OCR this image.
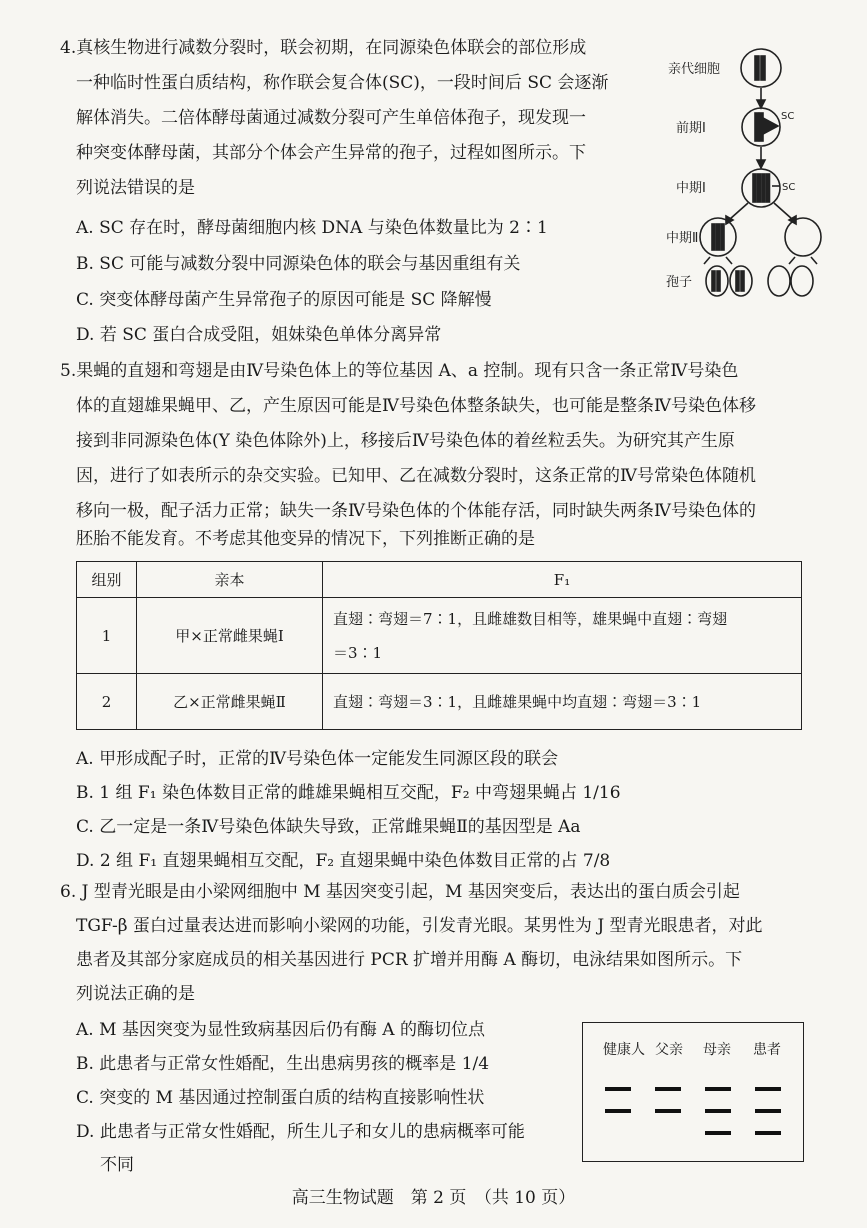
4.真核生物进行减数分裂时，联会初期，在同源染色体联会的部位形成
一种临时性蛋白质结构，称作联会复合体(SC)，一段时间后 SC 会逐渐
解体消失。二倍体酵母菌通过减数分裂可产生单倍体孢子，现发现一
种突变体酵母菌，其部分个体会产生异常的孢子，过程如图所示。下
列说法错误的是
A. SC 存在时，酵母菌细胞内核 DNA 与染色体数量比为 2∶1
B. SC 可能与减数分裂中同源染色体的联会与基因重组有关
C. 突变体酵母菌产生异常孢子的原因可能是 SC 降解慢
D. 若 SC 蛋白合成受阻，姐妹染色单体分离异常
亲代细胞
前期Ⅰ
中期Ⅰ
中期Ⅱ
孢子
SC
SC
5.果蝇的直翅和弯翅是由Ⅳ号染色体上的等位基因 A、a 控制。现有只含一条正常Ⅳ号染色
体的直翅雄果蝇甲、乙，产生原因可能是Ⅳ号染色体整条缺失，也可能是整条Ⅳ号染色体移
接到非同源染色体(Y 染色体除外)上，移接后Ⅳ号染色体的着丝粒丢失。为研究其产生原
因，进行了如表所示的杂交实验。已知甲、乙在减数分裂时，这条正常的Ⅳ号常染色体随机
移向一极，配子活力正常；缺失一条Ⅳ号染色体的个体能存活，同时缺失两条Ⅳ号染色体的
胚胎不能发育。不考虑其他变异的情况下，下列推断正确的是
组别	亲本	F₁
1	甲×正常雌果蝇Ⅰ	直翅∶弯翅＝7∶1，且雌雄数目相等，雄果蝇中直翅∶弯翅
＝3∶1

2	乙×正常雌果蝇Ⅱ	直翅∶弯翅＝3∶1，且雌雄果蝇中均直翅∶弯翅＝3∶1
A. 甲形成配子时，正常的Ⅳ号染色体一定能发生同源区段的联会
B. 1 组 F₁ 染色体数目正常的雌雄果蝇相互交配，F₂ 中弯翅果蝇占 1/16
C. 乙一定是一条Ⅳ号染色体缺失导致，正常雌果蝇Ⅱ的基因型是 Aa
D. 2 组 F₁ 直翅果蝇相互交配，F₂ 直翅果蝇中染色体数目正常的占 7/8
6. J 型青光眼是由小梁网细胞中 M 基因突变引起，M 基因突变后，表达出的蛋白质会引起
TGF-β 蛋白过量表达进而影响小梁网的功能，引发青光眼。某男性为 J 型青光眼患者，对此
患者及其部分家庭成员的相关基因进行 PCR 扩增并用酶 A 酶切，电泳结果如图所示。下
列说法正确的是
A. M 基因突变为显性致病基因后仍有酶 A 的酶切位点
B. 此患者与正常女性婚配，生出患病男孩的概率是 1/4
C. 突变的 M 基因通过控制蛋白质的结构直接影响性状
D. 此患者与正常女性婚配，所生儿子和女儿的患病概率可能
不同
健康人 父亲 母亲 患者
高三生物试题　第 2 页　（共 10 页）
